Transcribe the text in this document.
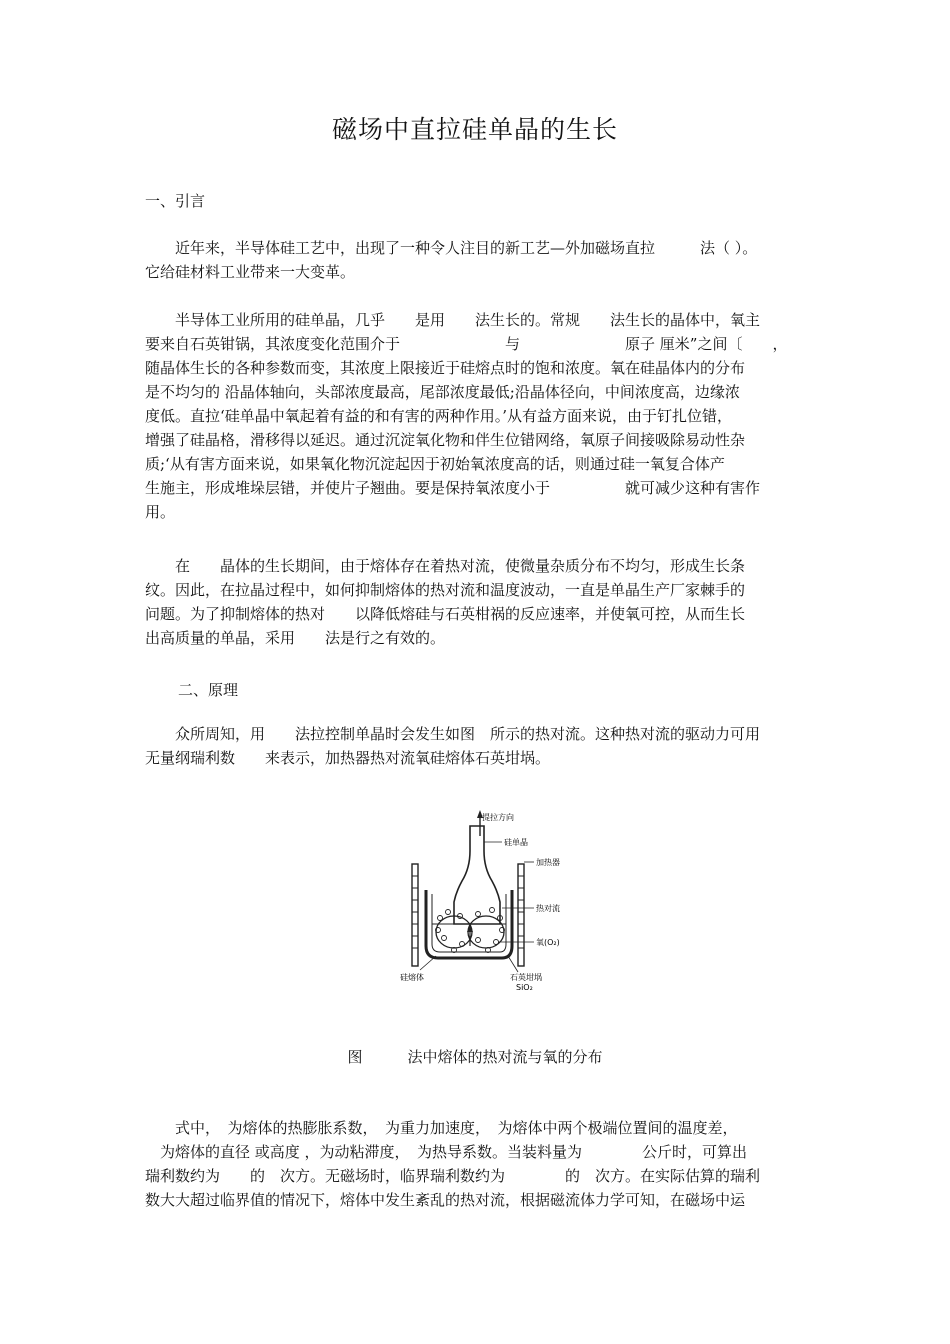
磁场中直拉硅单晶的生长
一、引言
　　近年来，半导体硅工艺中，出现了一种令人注目的新工艺—外加磁场直拉　　　法（ ）。
它给硅材料工业带来一大变革。
　　半导体工业所用的硅单晶，几乎　　是用　　法生长的。常规　　法生长的晶体中，氧主
要来自石英钳锅，其浓度变化范围介于　　　　　　　与　　　　　　　原子 厘米”之间〔　　，
随晶体生长的各种参数而变，其浓度上限接近于硅熔点时的饱和浓度。氧在硅晶体内的分布
是不均匀的 沿晶体轴向，头部浓度最高，尾部浓度最低;沿晶体径向，中间浓度高，边缘浓
度低。直拉‘硅单晶中氧起着有益的和有害的两种作用。’从有益方面来说，由于钉扎位错，
增强了硅晶格，滑移得以延迟。通过沉淀氧化物和伴生位错网络，氧原子间接吸除易动性杂
质;‘从有害方面来说，如果氧化物沉淀起因于初始氧浓度高的话，则通过硅一氧复合体产
生施主，形成堆垛层错，并使片子翘曲。要是保持氧浓度小于　　　　　就可减少这种有害作
用。
　　在　　晶体的生长期间，由于熔体存在着热对流，使微量杂质分布不均匀，形成生长条
纹。因此，在拉晶过程中，如何抑制熔体的热对流和温度波动，一直是单晶生产厂家棘手的
问题。为了抑制熔体的热对　　以降低熔硅与石英柑祸的反应速率，并使氧可控，从而生长
出高质量的单晶，采用　　法是行之有效的。
二、原理
　　众所周知，用　　法拉控制单晶时会发生如图　所示的热对流。这种热对流的驱动力可用
无量纲瑞利数　　来表示，加热器热对流氧硅熔体石英坩埚。
提拉方向
硅单晶
加热器
热对流
氧(O₂)
硅熔体	石英坩埚
SiO₂
图　　　法中熔体的热对流与氧的分布
　　式中，　为熔体的热膨胀系数，　为重力加速度，　为熔体中两个极端位置间的温度差，
　为熔体的直径 或高度 ，为动粘滞度，　为热导系数。当装料量为　　　　公斤时，可算出
瑞利数约为　　的　次方。无磁场时，临界瑞利数约为　　　　的　次方。在实际估算的瑞利
数大大超过临界值的情况下，熔体中发生紊乱的热对流，根据磁流体力学可知，在磁场中运
